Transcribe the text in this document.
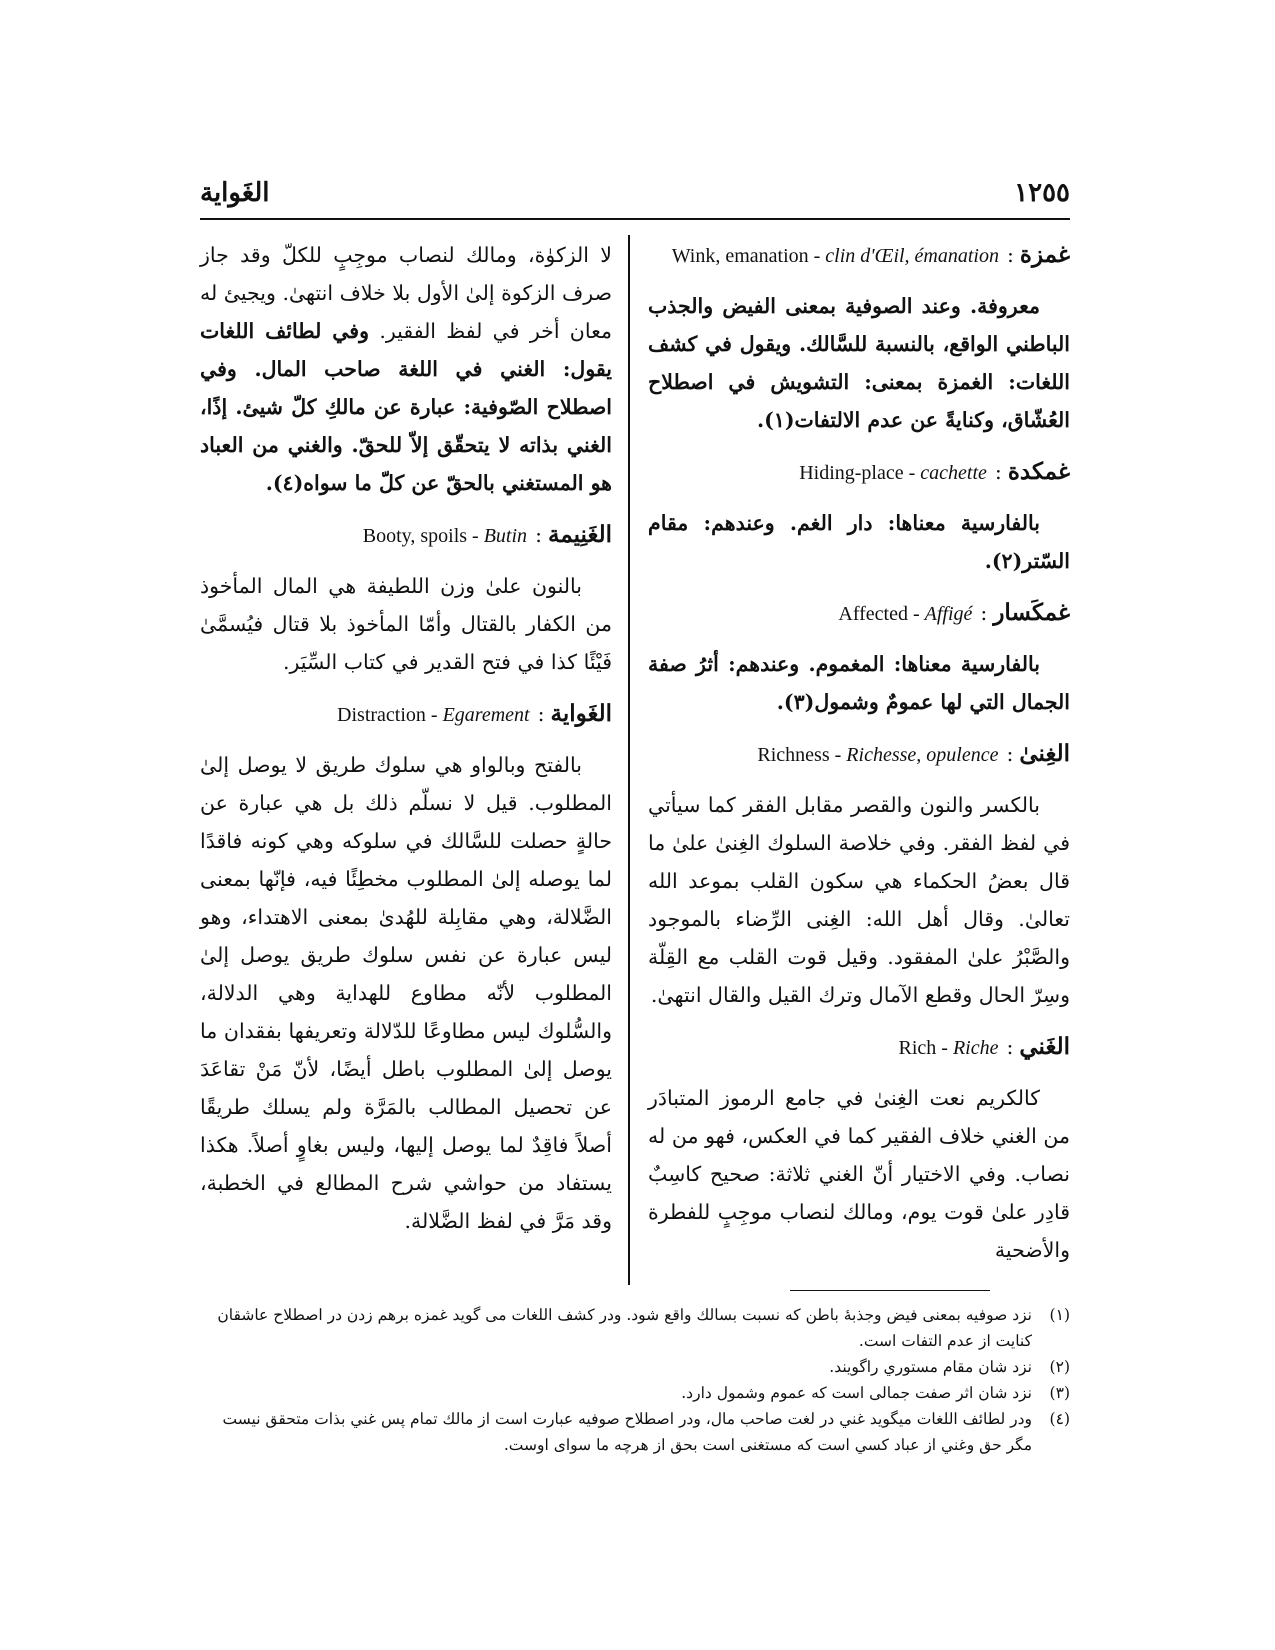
١٢٥٥
الغَواية
غمزة
:
Wink, emanation - clin d'Œil, émanation

معروفة. وعند الصوفية بمعنى الفيض والجذب الباطني الواقع، بالنسبة للسَّالك. ويقول في كشف اللغات: الغمزة بمعنى: التشويش في اصطلاح العُشّاق، وكنايةً عن عدم الالتفات(١).

غمكدة
:
Hiding-place - cachette

بالفارسية معناها: دار الغم. وعندهم: مقام السّتر(٢).

غمكَسار
:
Affected - Affigé

بالفارسية معناها: المغموم. وعندهم: أثرُ صفة الجمال التي لها عمومٌ وشمول(٣).

الغِنىٰ
:
Richness - Richesse, opulence

بالكسر والنون والقصر مقابل الفقر كما سيأتي في لفظ الفقر. وفي خلاصة السلوك الغِنىٰ علىٰ ما قال بعضُ الحكماء هي سكون القلب بموعد الله تعالىٰ. وقال أهل الله: الغِنى الرِّضاء بالموجود والصَّبْرُ علىٰ المفقود. وقيل قوت القلب مع القِلّة وسِرّ الحال وقطع الآمال وترك القيل والقال انتهىٰ.

الغَني
:
Rich - Riche

كالكريم نعت الغِنىٰ في جامع الرموز المتبادَر من الغني خلاف الفقير كما في العكس، فهو من له نصاب. وفي الاختيار أنّ الغني ثلاثة: صحيح كاسِبٌ قادِر علىٰ قوت يوم، ومالك لنصاب موجِبٍ للفطرة والأضحية

لا الزكوٰة، ومالك لنصاب موجِبٍ للكلّ وقد جاز صرف الزكوة إلىٰ الأول بلا خلاف انتهىٰ. ويجيئ له معان أخر في لفظ الفقير. وفي لطائف اللغات يقول: الغني في اللغة صاحب المال. وفي اصطلاح الصّوفية: عبارة عن مالكِ كلّ شيئ. إذًا، الغني بذاته لا يتحقّق إلاّ للحقّ. والغني من العباد هو المستغني بالحقّ عن كلّ ما سواه(٤).

الغَنِيمة
:
Booty, spoils - Butin

بالنون علىٰ وزن اللطيفة هي المال المأخوذ من الكفار بالقتال وأمّا المأخوذ بلا قتال فيُسمَّىٰ فَيْئًا كذا في فتح القدير في كتاب السِّيَر.

الغَواية
:
Distraction - Egarement

بالفتح وبالواو هي سلوك طريق لا يوصل إلىٰ المطلوب. قيل لا نسلّم ذلك بل هي عبارة عن حالةٍ حصلت للسَّالك في سلوكه وهي كونه فاقدًا لما يوصله إلىٰ المطلوب مخطِئًا فيه، فإنّها بمعنى الضَّلالة، وهي مقابِلة للهُدىٰ بمعنى الاهتداء، وهو ليس عبارة عن نفس سلوك طريق يوصل إلىٰ المطلوب لأنّه مطاوع للهداية وهي الدلالة، والسُّلوك ليس مطاوعًا للدّلالة وتعريفها بفقدان ما يوصل إلىٰ المطلوب باطل أيضًا، لأنّ مَنْ تقاعَدَ عن تحصيل المطالب بالمَرَّة ولم يسلك طريقًا أصلاً فاقِدٌ لما يوصل إليها، وليس بغاوٍ أصلاً. هكذا يستفاد من حواشي شرح المطالع في الخطبة، وقد مَرَّ في لفظ الضَّلالة.

(١)نزد صوفيه بمعنى فيض وجذبهٔ باطن كه نسبت بسالك واقع شود. ودر كشف اللغات مى گويد غمزه برهم زدن در اصطلاح عاشقان كنايت از عدم التفات است.

(٢)نزد شان مقام مستوري راگويند.

(٣)نزد شان اثر صفت جمالى است كه عموم وشمول دارد.

(٤)ودر لطائف اللغات ميگويد غني در لغت صاحب مال، ودر اصطلاح صوفيه عبارت است از مالك تمام پس غني بذات متحقق نيست مگر حق وغني از عباد كسي است كه مستغنى است بحق از هرچه ما سواى اوست.
